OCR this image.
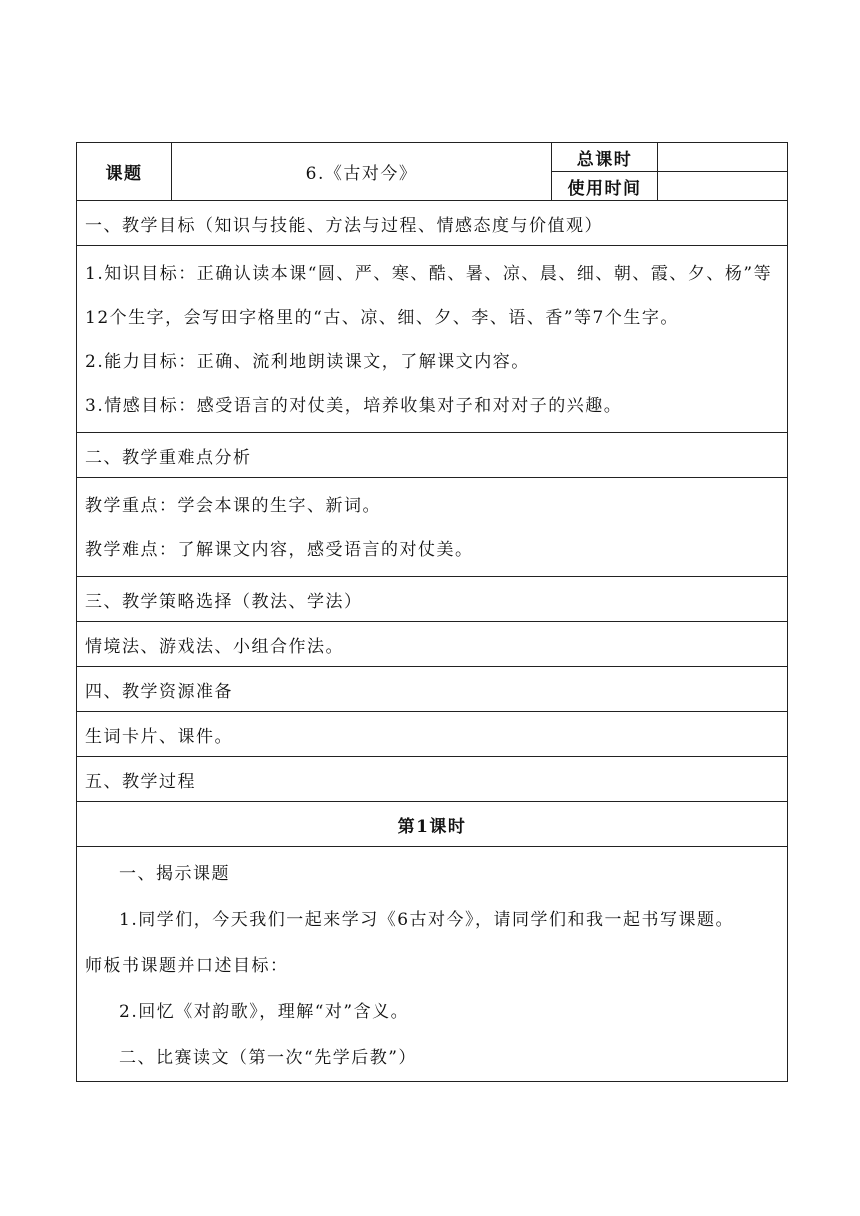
课题	6.《古对今》	总课时	
		使用时间	
一、教学目标（知识与技能、方法与过程、情感态度与价值观）			

1.知识目标：正确认读本课“圆、严、寒、酷、暑、凉、晨、细、朝、霞、夕、杨”等12个生字，会写田字格里的“古、凉、细、夕、李、语、香”等7个生字。

2.能力目标：正确、流利地朗读课文，了解课文内容。

3.情感目标：感受语言的对仗美，培养收集对子和对对子的兴趣。			

二、教学重难点分析			

教学重点：学会本课的生字、新词。

教学难点：了解课文内容，感受语言的对仗美。			

三、教学策略选择（教法、学法）			
情境法、游戏法、小组合作法。			
四、教学资源准备			
生词卡片、课件。			
五、教学过程			
第1课时			

一、揭示课题

1.同学们，今天我们一起来学习《6古对今》，请同学们和我一起书写课题。

师板书课题并口述目标：

2.回忆《对韵歌》，理解“对”含义。

二、比赛读文（第一次“先学后教”）			
